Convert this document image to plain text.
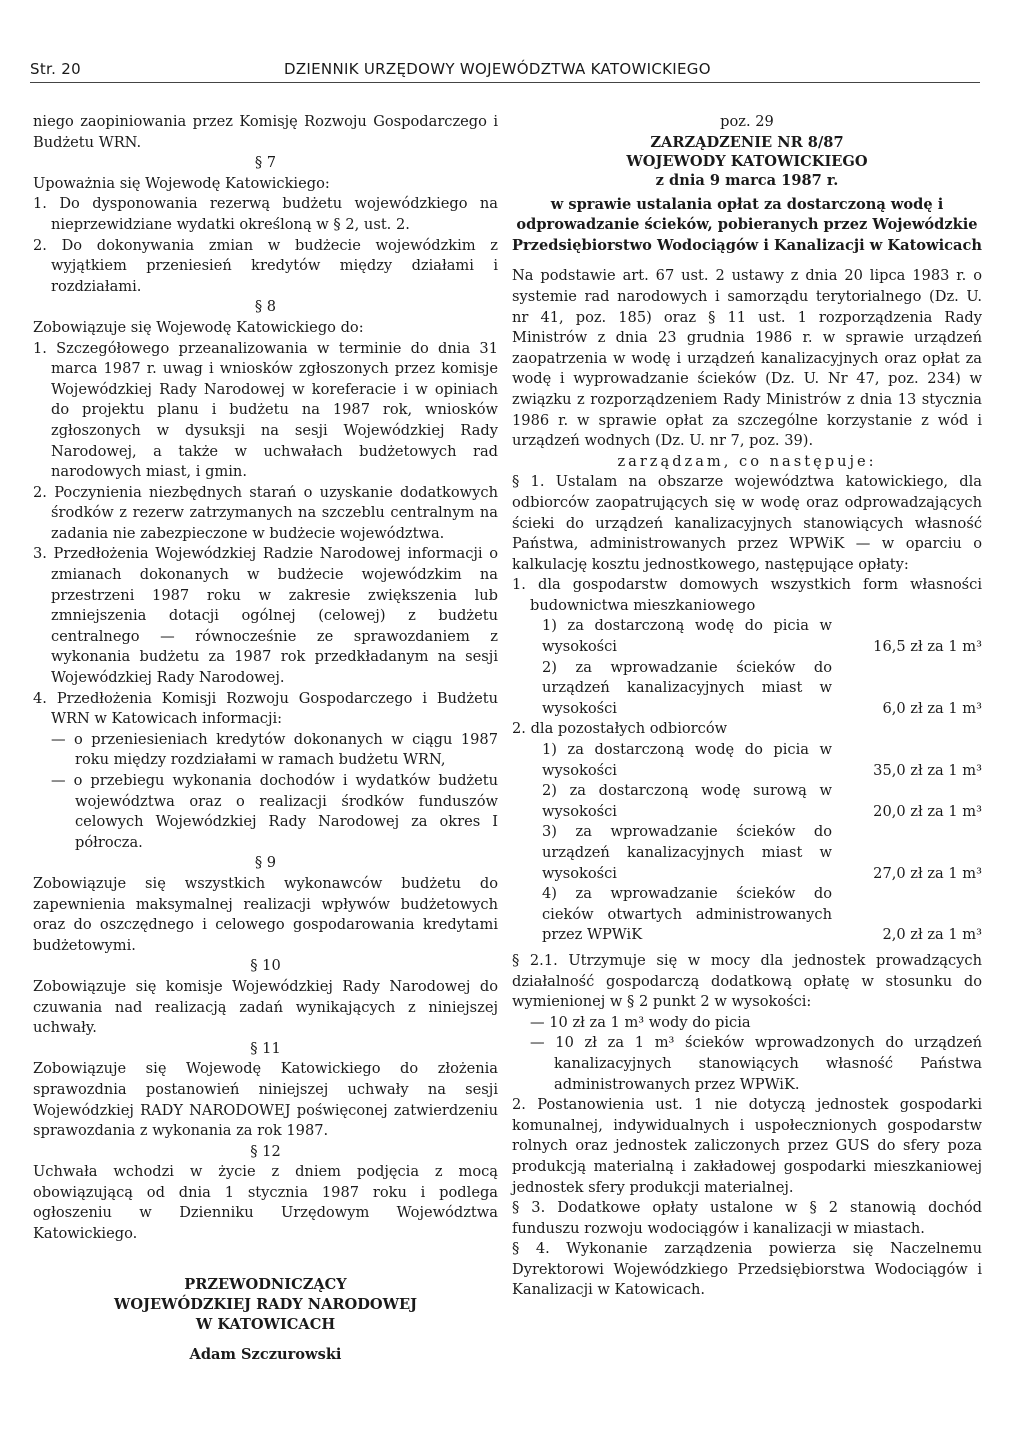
Str. 20	DZIENNIK URZĘDOWY WOJEWÓDZTWA KATOWICKIEGO

niego zaopiniowania przez Komisję Rozwoju Gospodarczego i Budżetu WRN.

§ 7

Upoważnia się Wojewodę Katowickiego:

1. Do dysponowania rezerwą budżetu wojewódzkiego na nieprzewidziane wydatki określoną w § 2, ust. 2.

2. Do dokonywania zmian w budżecie wojewódzkim z wyjątkiem przeniesień kredytów między działami i rozdziałami.

§ 8

Zobowiązuje się Wojewodę Katowickiego do:

1. Szczegółowego przeanalizowania w terminie do dnia 31 marca 1987 r. uwag i wniosków zgłoszonych przez komisje Wojewódzkiej Rady Narodowej w koreferacie i w opiniach do projektu planu i budżetu na 1987 rok, wniosków zgłoszonych w dysuksji na sesji Wojewódzkiej Rady Narodowej, a także w uchwałach budżetowych rad narodowych miast, i gmin.

2. Poczynienia niezbędnych starań o uzyskanie dodatkowych środków z rezerw zatrzymanych na szczeblu centralnym na zadania nie zabezpieczone w budżecie województwa.

3. Przedłożenia Wojewódzkiej Radzie Narodowej informacji o zmianach dokonanych w budżecie wojewódzkim na przestrzeni 1987 roku w zakresie zwiększenia lub zmniejszenia dotacji ogólnej (celowej) z budżetu centralnego — równocześnie ze sprawozdaniem z wykonania budżetu za 1987 rok przedkładanym na sesji Wojewódzkiej Rady Narodowej.

4. Przedłożenia Komisji Rozwoju Gospodarczego i Budżetu WRN w Katowicach informacji:

— o przeniesieniach kredytów dokonanych w ciągu 1987 roku między rozdziałami w ramach budżetu WRN,

— o przebiegu wykonania dochodów i wydatków budżetu województwa oraz o realizacji środków funduszów celowych Wojewódzkiej Rady Narodowej za okres I półrocza.

§ 9

Zobowiązuje się wszystkich wykonawców budżetu do zapewnienia maksymalnej realizacji wpływów budżetowych oraz do oszczędnego i celowego gospodarowania kredytami budżetowymi.

§ 10

Zobowiązuje się komisje Wojewódzkiej Rady Narodowej do czuwania nad realizacją zadań wynikających z niniejszej uchwały.

§ 11

Zobowiązuje się Wojewodę Katowickiego do złożenia sprawozdnia postanowień niniejszej uchwały na sesji Wojewódzkiej RADY NARODOWEJ poświęconej zatwierdzeniu sprawozdania z wykonania za rok 1987.

§ 12

Uchwała wchodzi w życie z dniem podjęcia z mocą obowiązującą od dnia 1 stycznia 1987 roku i podlega ogłoszeniu w Dzienniku Urzędowym Województwa Katowickiego.

PRZEWODNICZĄCY
WOJEWÓDZKIEJ RADY NARODOWEJ
W KATOWICACH
Adam Szczurowski

poz. 29

ZARZĄDZENIE NR 8/87

WOJEWODY KATOWICKIEGO

z dnia 9 marca 1987 r.

w sprawie ustalania opłat za dostarczoną wodę i odprowadzanie ścieków, pobieranych przez Wojewódzkie Przedsiębiorstwo Wodociągów i Kanalizacji w Katowicach

Na podstawie art. 67 ust. 2 ustawy z dnia 20 lipca 1983 r. o systemie rad narodowych i samorządu terytorialnego (Dz. U. nr 41, poz. 185) oraz § 11 ust. 1 rozporządzenia Rady Ministrów z dnia 23 grudnia 1986 r. w sprawie urządzeń zaopatrzenia w wodę i urządzeń kanalizacyjnych oraz opłat za wodę i wyprowadzanie ścieków (Dz. U. Nr 47, poz. 234) w związku z rozporządzeniem Rady Ministrów z dnia 13 stycznia 1986 r. w sprawie opłat za szczególne korzystanie z wód i urządzeń wodnych (Dz. U. nr 7, poz. 39).

zarządzam, co następuje:

§ 1. Ustalam na obszarze województwa katowickiego, dla odbiorców zaopatrujących się w wodę oraz odprowadzających ścieki do urządzeń kanalizacyjnych stanowiących własność Państwa, administrowanych przez WPWiK — w oparciu o kalkulację kosztu jednostkowego, następujące opłaty:

1. dla gospodarstw domowych wszystkich form własności budownictwa mieszkaniowego

1) za dostarczoną wodę do picia w wysokości	16,5 zł za 1 m³
2) za wprowadzanie ścieków do urządzeń kanalizacyjnych miast w wysokości	6,0 zł za 1 m³

2. dla pozostałych odbiorców

1) za dostarczoną wodę do picia w wysokości	35,0 zł za 1 m³
2) za dostarczoną wodę surową w wysokości	20,0 zł za 1 m³
3) za wprowadzanie ścieków do urządzeń kanalizacyjnych miast w wysokości	27,0 zł za 1 m³
4) za wprowadzanie ścieków do cieków otwartych administrowanych przez WPWiK	2,0 zł za 1 m³

§ 2.1. Utrzymuje się w mocy dla jednostek prowadzących działalność gospodarczą dodatkową opłatę w stosunku do wymienionej w § 2 punkt 2 w wysokości:

— 10 zł za 1 m³ wody do picia

— 10 zł za 1 m³ ścieków wprowadzonych do urządzeń kanalizacyjnych stanowiących własność Państwa administrowanych przez WPWiK.

2. Postanowienia ust. 1 nie dotyczą jednostek gospodarki komunalnej, indywidualnych i uspołecznionych gospodarstw rolnych oraz jednostek zaliczonych przez GUS do sfery poza produkcją materialną i zakładowej gospodarki mieszkaniowej jednostek sfery produkcji materialnej.

§ 3. Dodatkowe opłaty ustalone w § 2 stanowią dochód funduszu rozwoju wodociągów i kanalizacji w miastach.

§ 4. Wykonanie zarządzenia powierza się Naczelnemu Dyrektorowi Wojewódzkiego Przedsiębiorstwa Wodociągów i Kanalizacji w Katowicach.
